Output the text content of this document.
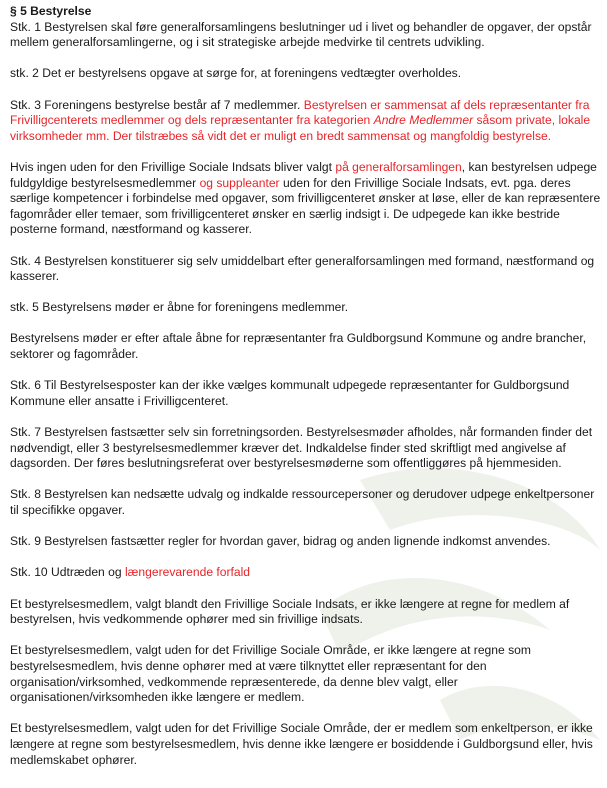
§ 5 Bestyrelse

Stk. 1 Bestyrelsen skal føre generalforsamlingens beslutninger ud i livet og behandler de opgaver, der opstår mellem generalforsamlingerne, og i sit strategiske arbejde medvirke til centrets udvikling.

stk. 2 Det er bestyrelsens opgave at sørge for, at foreningens vedtægter overholdes.

Stk. 3 Foreningens bestyrelse består af 7 medlemmer. Bestyrelsen er sammensat af dels repræsentanter fra Frivilligcenterets medlemmer og dels repræsentanter fra kategorien Andre Medlemmer såsom private, lokale virksomheder mm. Der tilstræbes så vidt det er muligt en bredt sammensat og mangfoldig bestyrelse.

Hvis ingen uden for den Frivillige Sociale Indsats bliver valgt på generalforsamlingen, kan bestyrelsen udpege fuldgyldige bestyrelsesmedlemmer og suppleanter uden for den Frivillige Sociale Indsats, evt. pga. deres særlige kompetencer i forbindelse med opgaver, som frivilligcenteret ønsker at løse, eller de kan repræsentere fagområder eller temaer, som frivilligcenteret ønsker en særlig indsigt i. De udpegede kan ikke bestride posterne formand, næstformand og kasserer.

Stk. 4 Bestyrelsen konstituerer sig selv umiddelbart efter generalforsamlingen med formand, næstformand og kasserer.

stk. 5 Bestyrelsens møder er åbne for foreningens medlemmer.

Bestyrelsens møder er efter aftale åbne for repræsentanter fra Guldborgsund Kommune og andre brancher, sektorer og fagområder.

Stk. 6 Til Bestyrelsesposter kan der ikke vælges kommunalt udpegede repræsentanter for Guldborgsund Kommune eller ansatte i Frivilligcenteret.

Stk. 7 Bestyrelsen fastsætter selv sin forretningsorden. Bestyrelsesmøder afholdes, når formanden finder det nødvendigt, eller 3 bestyrelsesmedlemmer kræver det. Indkaldelse finder sted skriftligt med angivelse af dagsorden. Der føres beslutningsreferat over bestyrelsesmøderne som offentliggøres på hjemmesiden.

Stk. 8 Bestyrelsen kan nedsætte udvalg og indkalde ressourcepersoner og derudover udpege enkeltpersoner til specifikke opgaver.

Stk. 9 Bestyrelsen fastsætter regler for hvordan gaver, bidrag og anden lignende indkomst anvendes.

Stk. 10 Udtræden og længerevarende forfald

Et bestyrelsesmedlem, valgt blandt den Frivillige Sociale Indsats, er ikke længere at regne for medlem af bestyrelsen, hvis vedkommende ophører med sin frivillige indsats.

Et bestyrelsesmedlem, valgt uden for det Frivillige Sociale Område, er ikke længere at regne som bestyrelsesmedlem, hvis denne ophører med at være tilknyttet eller repræsentant for den organisation/virksomhed, vedkommende repræsenterede, da denne blev valgt, eller organisationen/virksomheden ikke længere er medlem.

Et bestyrelsesmedlem, valgt uden for det Frivillige Sociale Område, der er medlem som enkeltperson, er ikke længere at regne som bestyrelsesmedlem, hvis denne ikke længere er bosiddende i Guldborgsund eller, hvis medlemskabet ophører.
